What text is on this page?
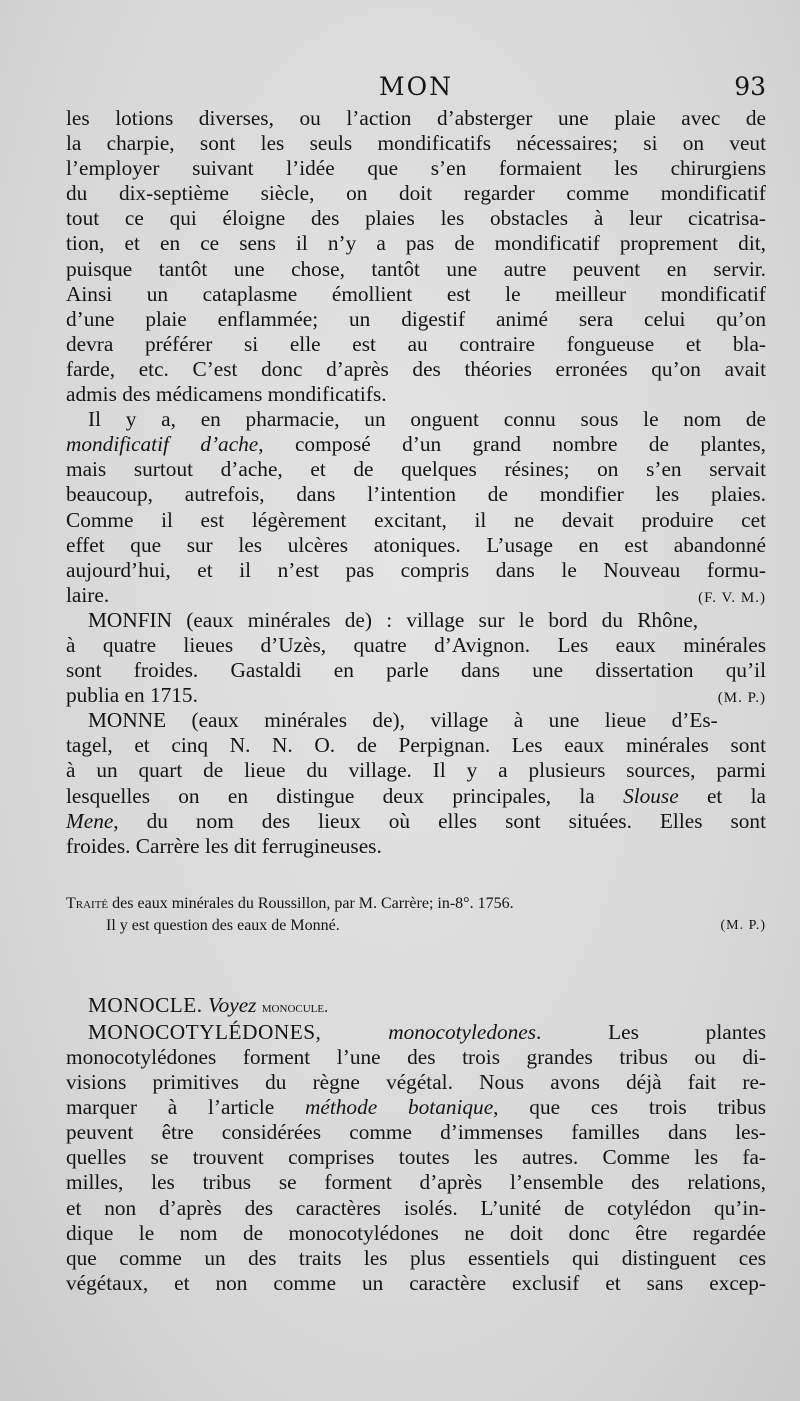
MON	93

les lotions diverses, ou l’action d’absterger une plaie avec de
la charpie, sont les seuls mondificatifs nécessaires; si on veut
l’employer suivant l’idée que s’en formaient les chirurgiens
du dix-septième siècle, on doit regarder comme mondificatif
tout ce qui éloigne des plaies les obstacles à leur cicatrisa-
tion, et en ce sens il n’y a pas de mondificatif proprement dit,
puisque tantôt une chose, tantôt une autre peuvent en servir.
Ainsi un cataplasme émollient est le meilleur mondificatif
d’une plaie enflammée; un digestif animé sera celui qu’on
devra préférer si elle est au contraire fongueuse et bla-
farde, etc. C’est donc d’après des théories erronées qu’on avait
admis des médicamens mondificatifs.

Il y a, en pharmacie, un onguent connu sous le nom de
mondificatif d’ache, composé d’un grand nombre de plantes,
mais surtout d’ache, et de quelques résines; on s’en servait
beaucoup, autrefois, dans l’intention de mondifier les plaies.
Comme il est légèrement excitant, il ne devait produire cet
effet que sur les ulcères atoniques. L’usage en est abandonné
aujourd’hui, et il n’est pas compris dans le Nouveau formu-
laire.	(F. V. M.)

MONFIN (eaux minérales de) : village sur le bord du Rhône,
à quatre lieues d’Uzès, quatre d’Avignon. Les eaux minérales
sont froides. Gastaldi en parle dans une dissertation qu’il
publia en 1715.	(M. P.)

MONNE (eaux minérales de), village à une lieue d’Es-
tagel, et cinq N. N. O. de Perpignan. Les eaux minérales sont
à un quart de lieue du village. Il y a plusieurs sources, parmi
lesquelles on en distingue deux principales, la Slouse et la
Mene, du nom des lieux où elles sont situées. Elles sont
froides. Carrère les dit ferrugineuses.

Traité des eaux minérales du Roussillon, par M. Carrère; in-8°. 1756.
Il y est question des eaux de Monné.	(M. P.)

MONOCLE. Voyez monocule.

MONOCOTYLÉDONES,	monocotyledones. Les plantes
monocotylédones forment l’une des trois grandes tribus ou di-
visions primitives du règne végétal. Nous avons déjà fait re-
marquer à l’article méthode botanique, que ces trois tribus
peuvent être considérées comme d’immenses familles dans les-
quelles se trouvent comprises toutes les autres. Comme les fa-
milles, les tribus se forment d’après l’ensemble des relations,
et non d’après des caractères isolés. L’unité de cotylédon qu’in-
dique le nom de monocotylédones ne doit donc être regardée
que comme un des traits les plus essentiels qui distinguent ces
végétaux, et non comme un caractère exclusif et sans excep-
